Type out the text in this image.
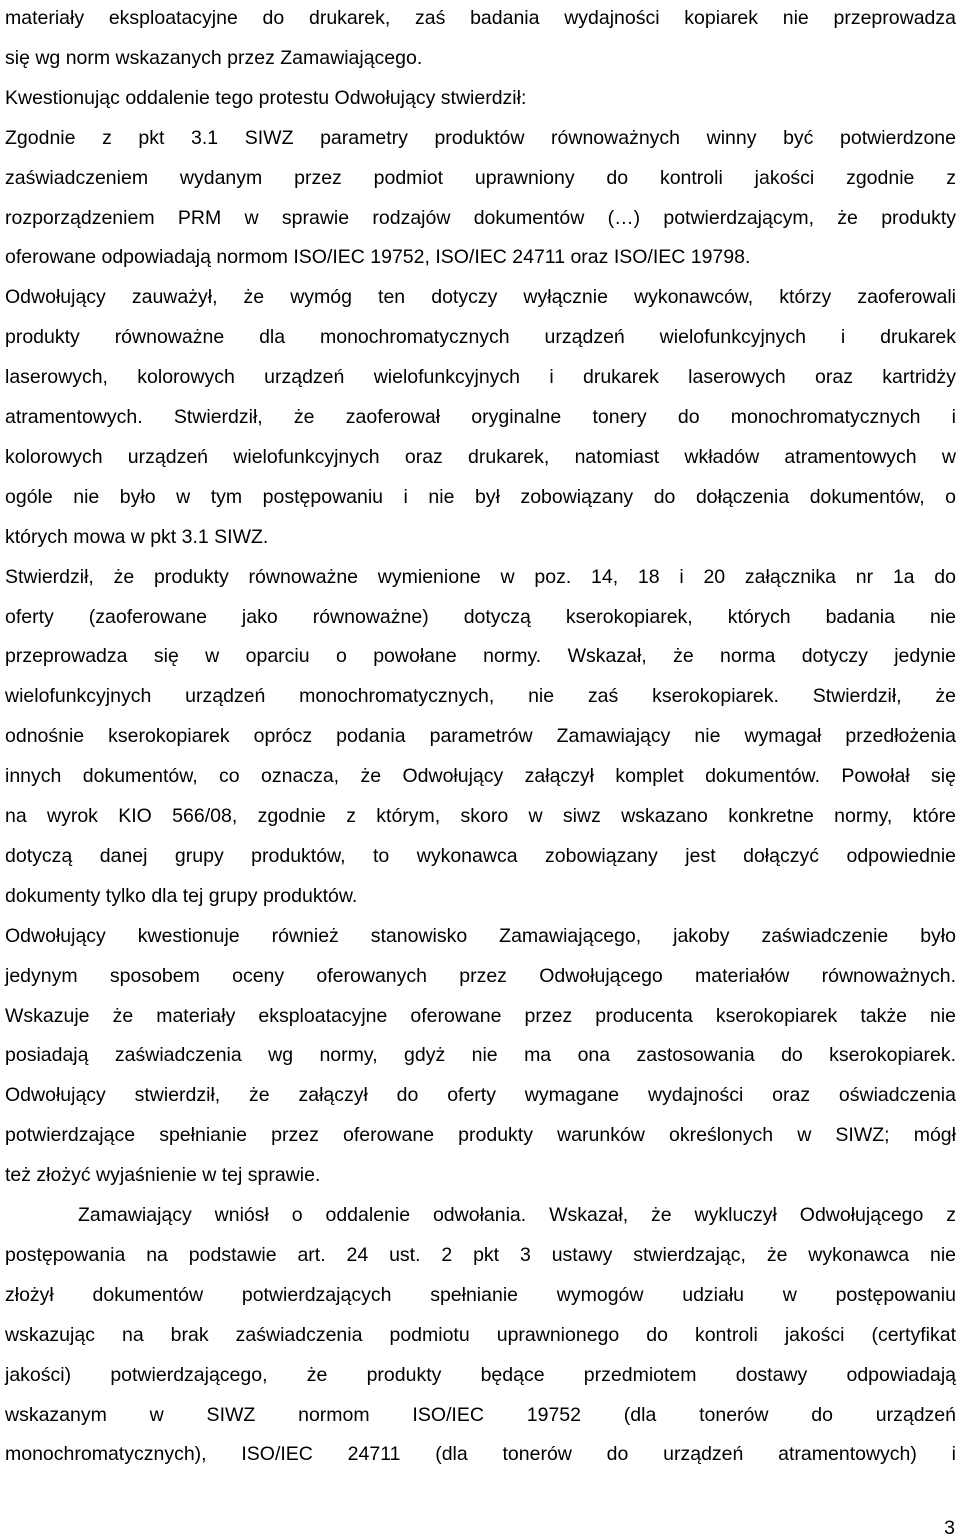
materiały eksploatacyjne do drukarek, zaś badania wydajności kopiarek nie przeprowadza
się wg norm wskazanych przez Zamawiającego.
Kwestionując oddalenie tego protestu Odwołujący stwierdził:
Zgodnie z pkt 3.1 SIWZ parametry produktów równoważnych winny być potwierdzone
zaświadczeniem wydanym przez podmiot uprawniony do kontroli jakości zgodnie z
rozporządzeniem PRM w sprawie rodzajów dokumentów (…) potwierdzającym, że produkty
oferowane odpowiadają normom ISO/IEC 19752, ISO/IEC 24711 oraz ISO/IEC 19798.
Odwołujący zauważył, że wymóg ten dotyczy wyłącznie wykonawców, którzy zaoferowali
produkty równoważne dla monochromatycznych urządzeń wielofunkcyjnych i drukarek
laserowych, kolorowych urządzeń wielofunkcyjnych i drukarek laserowych oraz kartridży
atramentowych. Stwierdził, że zaoferował oryginalne tonery do monochromatycznych i
kolorowych urządzeń wielofunkcyjnych oraz drukarek, natomiast wkładów atramentowych w
ogóle nie było w tym postępowaniu i nie był zobowiązany do dołączenia dokumentów, o
których mowa w pkt 3.1 SIWZ.
Stwierdził, że produkty równoważne wymienione w poz. 14, 18 i 20 załącznika nr 1a do
oferty (zaoferowane jako równoważne) dotyczą kserokopiarek, których badania nie
przeprowadza się w oparciu o powołane normy. Wskazał, że norma dotyczy jedynie
wielofunkcyjnych urządzeń monochromatycznych, nie zaś kserokopiarek. Stwierdził, że
odnośnie kserokopiarek oprócz podania parametrów Zamawiający nie wymagał przedłożenia
innych dokumentów, co oznacza, że Odwołujący załączył komplet dokumentów. Powołał się
na wyrok KIO 566/08, zgodnie z którym, skoro w siwz wskazano konkretne normy, które
dotyczą danej grupy produktów, to wykonawca zobowiązany jest dołączyć odpowiednie
dokumenty tylko dla tej grupy produktów.
Odwołujący kwestionuje również stanowisko Zamawiającego, jakoby zaświadczenie było
jedynym sposobem oceny oferowanych przez Odwołującego materiałów równoważnych.
Wskazuje że materiały eksploatacyjne oferowane przez producenta kserokopiarek także nie
posiadają zaświadczenia wg normy, gdyż nie ma ona zastosowania do kserokopiarek.
Odwołujący stwierdził, że załączył do oferty wymagane wydajności oraz oświadczenia
potwierdzające spełnianie przez oferowane produkty warunków określonych w SIWZ; mógł
też złożyć wyjaśnienie w tej sprawie.
Zamawiający wniósł o oddalenie odwołania. Wskazał, że wykluczył Odwołującego z
postępowania na podstawie art. 24 ust. 2 pkt 3 ustawy stwierdzając, że wykonawca nie
złożył dokumentów potwierdzających spełnianie wymogów udziału w postępowaniu
wskazując na brak zaświadczenia podmiotu uprawnionego do kontroli jakości (certyfikat
jakości) potwierdzającego, że produkty będące przedmiotem dostawy odpowiadają
wskazanym w SIWZ normom ISO/IEC 19752 (dla tonerów do urządzeń
monochromatycznych), ISO/IEC 24711 (dla tonerów do urządzeń atramentowych) i
3
